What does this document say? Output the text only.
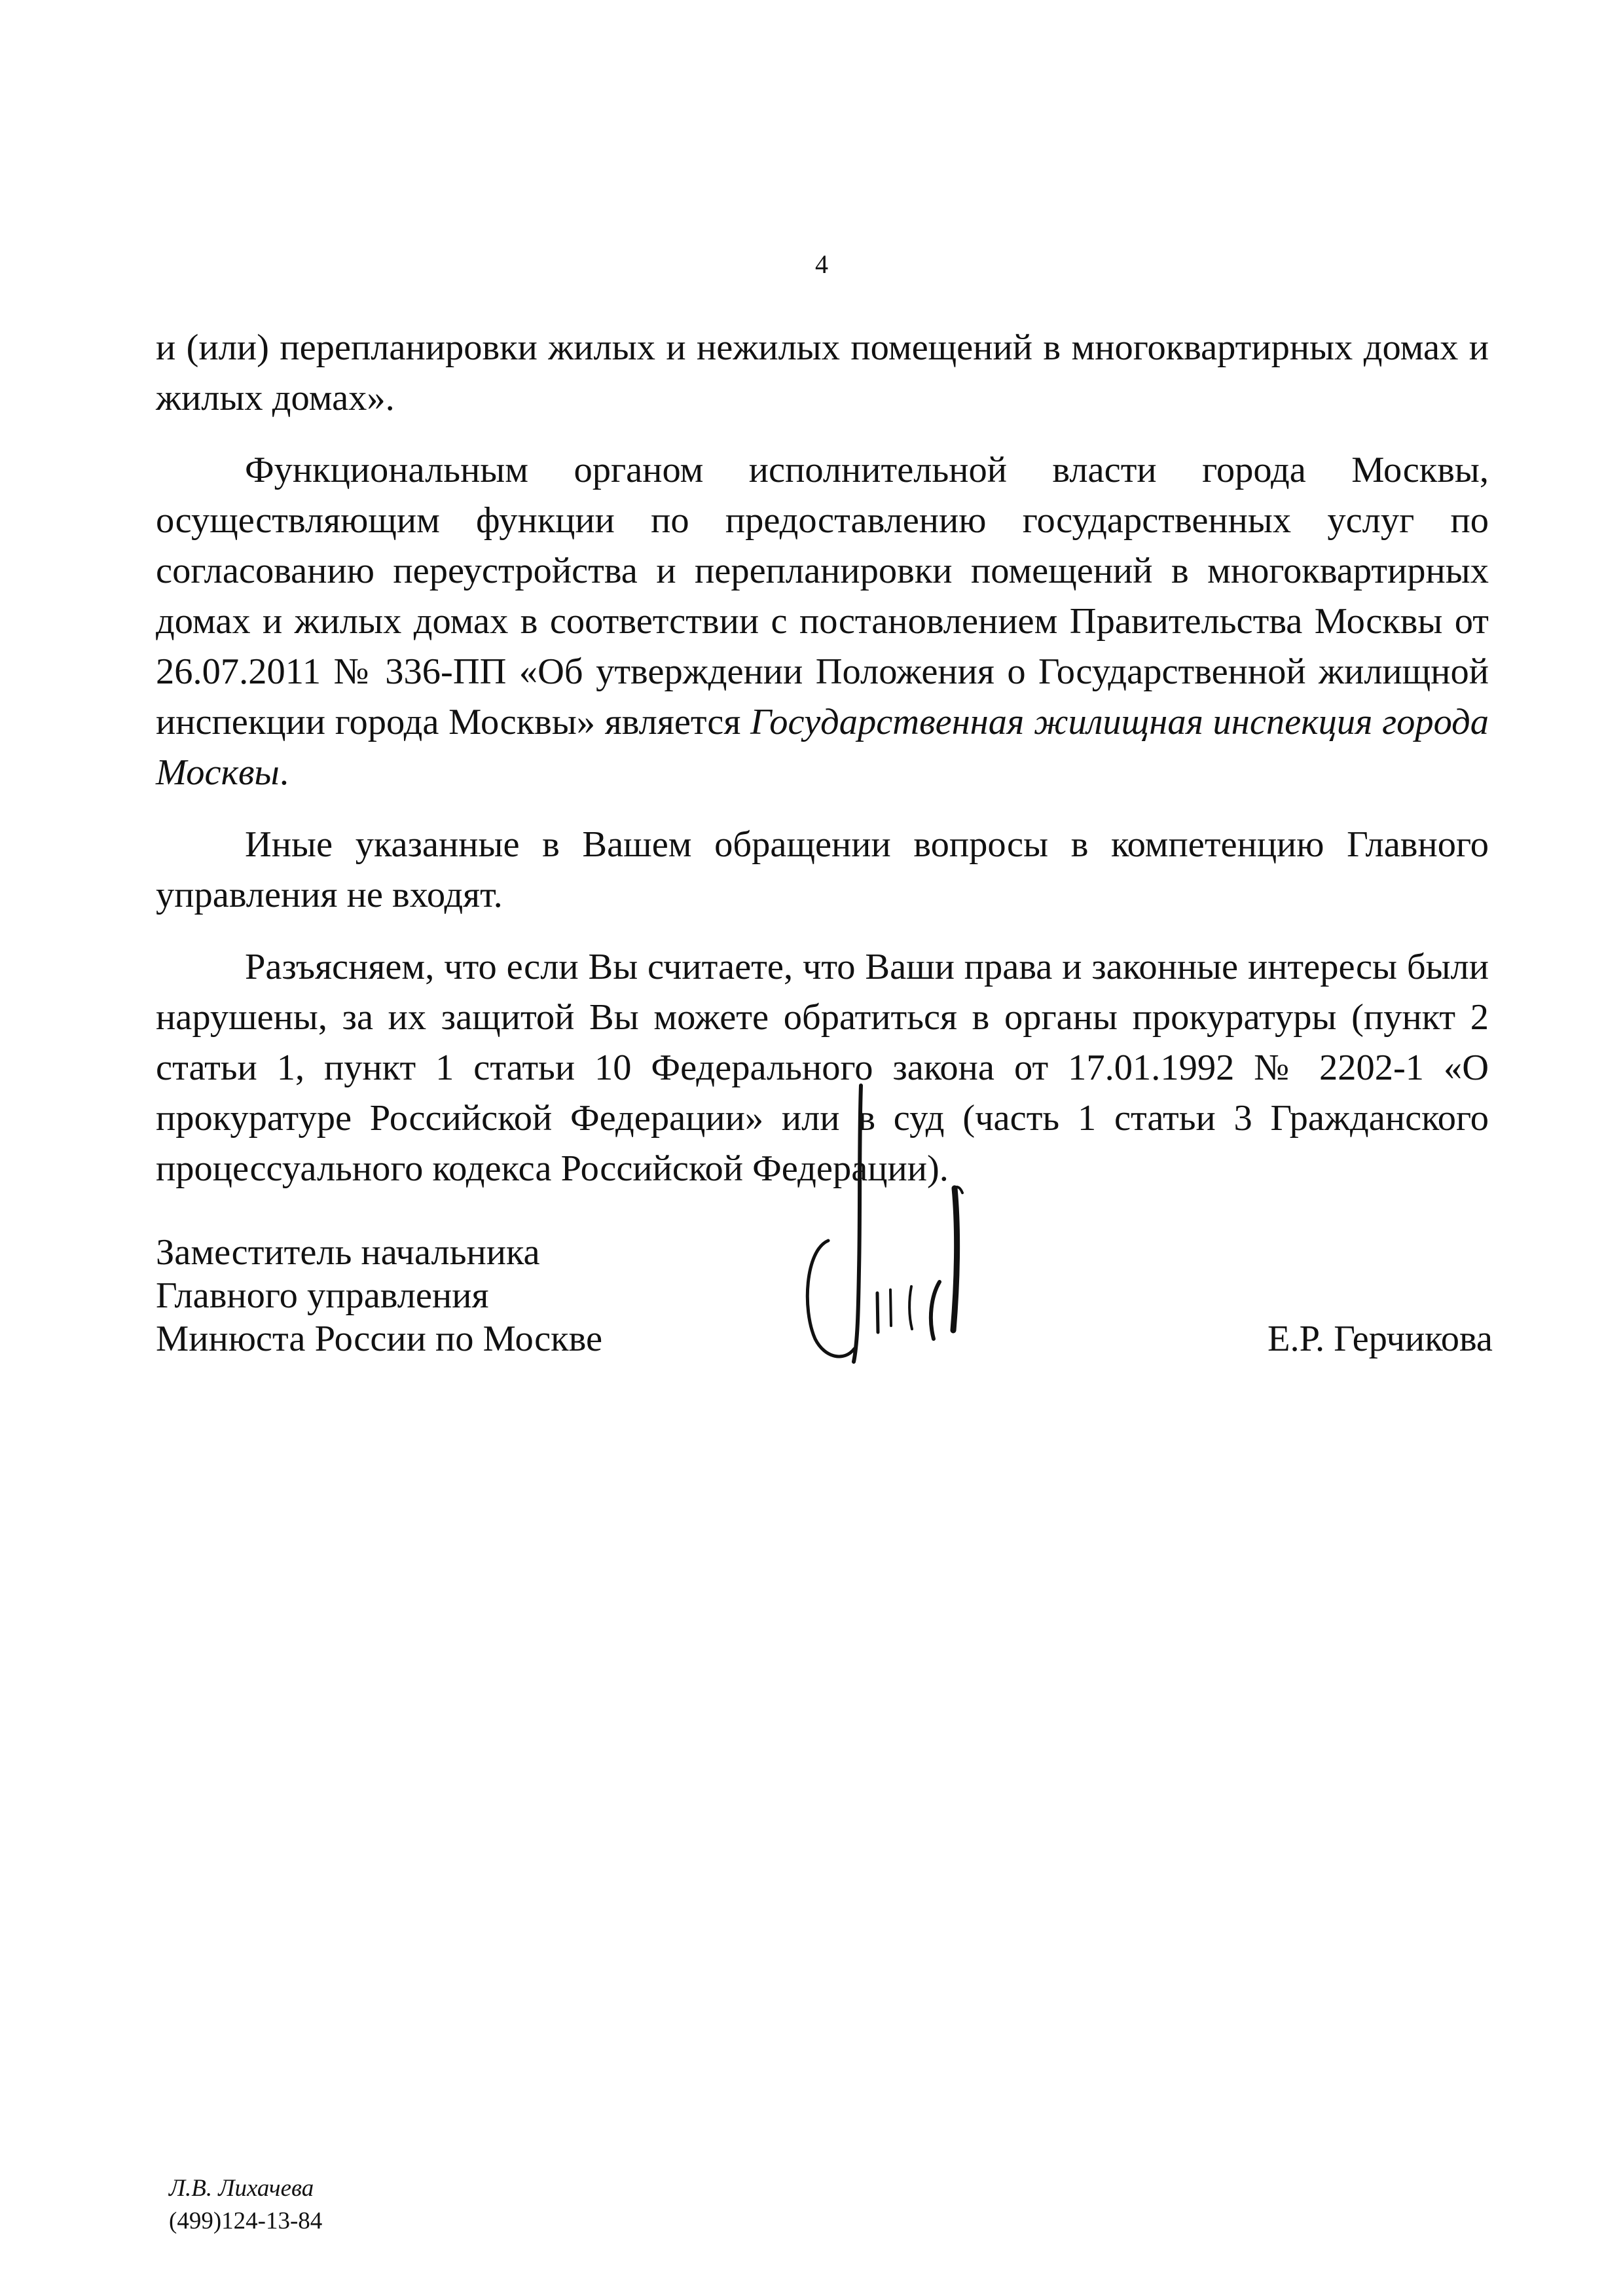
4

и (или) перепланировки жилых и нежилых помещений в многоквартирных домах и жилых домах».

Функциональным органом исполнительной власти города Москвы, осуществляющим функции по предоставлению государственных услуг по согласованию переустройства и перепланировки помещений в многоквартирных домах и жилых домах в соответствии с постановлением Правительства Москвы от 26.07.2011 № 336-ПП «Об утверждении Положения о Государственной жилищной инспекции города Москвы» является Государственная жилищная инспекция города Москвы.

Иные указанные в Вашем обращении вопросы в компетенцию Главного управления не входят.

Разъясняем, что если Вы считаете, что Ваши права и законные интересы были нарушены, за их защитой Вы можете обратиться в органы прокуратуры (пункт 2 статьи 1, пункт 1 статьи 10 Федерального закона от 17.01.1992 № 2202-1 «О прокуратуре Российской Федерации» или в суд (часть 1 статьи 3 Гражданского процессуального кодекса Российской Федерации).

Заместитель начальника
Главного управления
Минюста России по Москве	Е.Р. Герчикова
Л.В. Лихачева
(499)124-13-84
